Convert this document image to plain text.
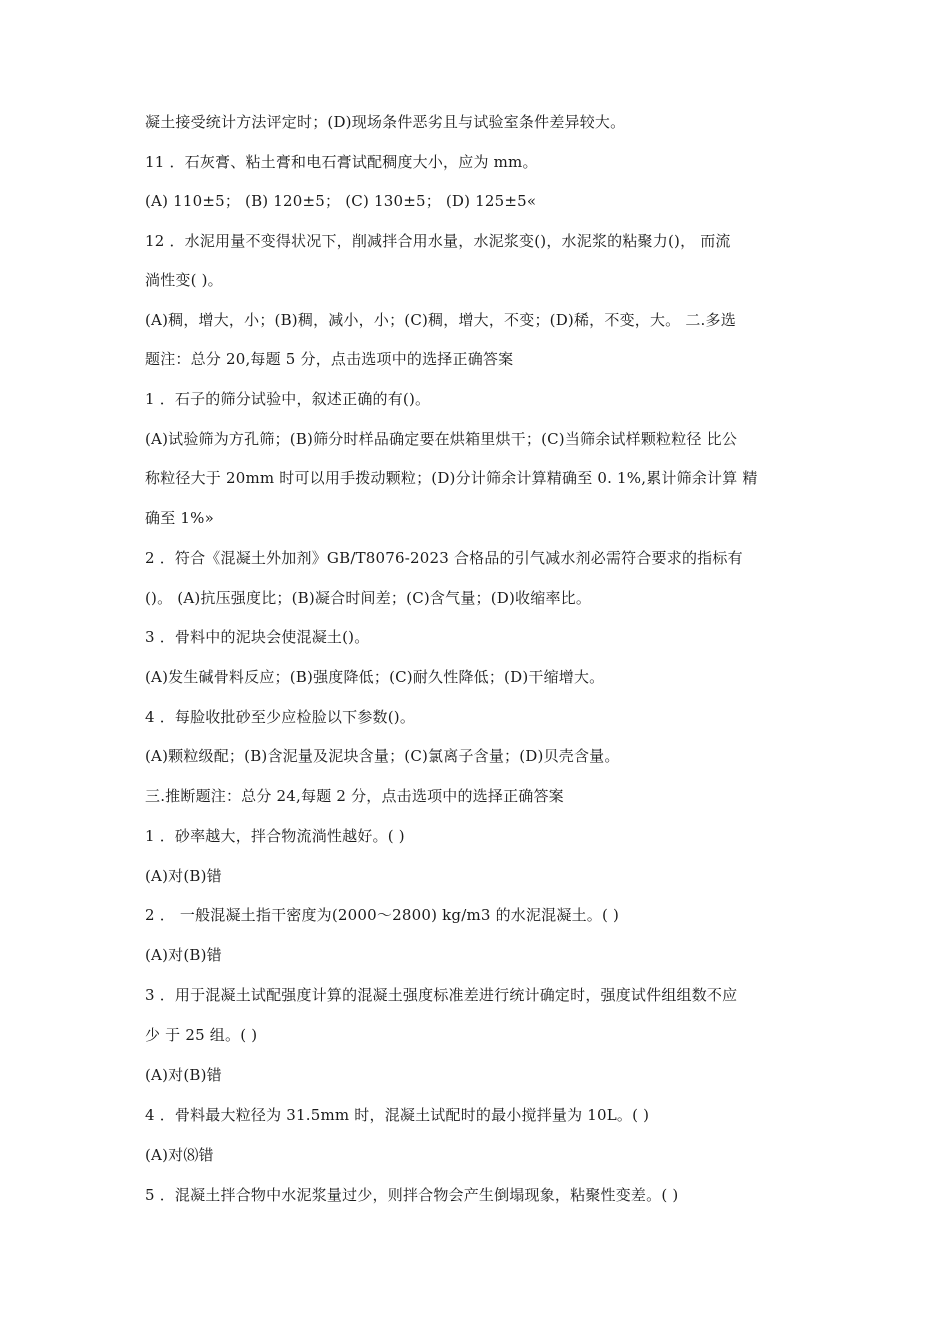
凝土接受统计方法评定时；(D)现场条件恶劣且与试验室条件差异较大。
11 ．石灰膏、粘土膏和电石膏试配稠度大小，应为 mm。
(A) 110±5； (B) 120±5； (C) 130±5； (D) 125±5«
12 ．水泥用量不变得状况下，削减拌合用水量，水泥浆变()，水泥浆的粘聚力()， 而流
淌性变( )。
(A)稠，增大，小；(B)稠，减小，小；(C)稠，增大，不变；(D)稀，不变，大。 二.多选
题注：总分 20,每题 5 分，点击选项中的选择正确答案
1 ．石子的筛分试验中，叙述正确的有()。
(A)试验筛为方孔筛；(B)筛分时样品确定要在烘箱里烘干；(C)当筛余试样颗粒粒径 比公
称粒径大于 20mm 时可以用手拨动颗粒；(D)分计筛余计算精确至 0. 1%,累计筛余计算 精
确至 1%»
2 ．符合《混凝土外加剂》GB/T8076-2023 合格品的引气减水剂必需符合要求的指标有
()。 (A)抗压强度比；(B)凝合时间差；(C)含气量；(D)收缩率比。
3 ．骨料中的泥块会使混凝土()。
(A)发生碱骨料反应；(B)强度降低；(C)耐久性降低；(D)干缩增大。
4 ．每脸收批砂至少应检脸以下参数()。
(A)颗粒级配；(B)含泥量及泥块含量；(C)氯离子含量；(D)贝壳含量。
三.推断题注：总分 24,每题 2 分，点击选项中的选择正确答案
1 ．砂率越大，拌合物流淌性越好。( )
(A)对(B)错
2 ． 一般混凝土指干密度为(2000〜2800) kg/m3 的水泥混凝土。( )
(A)对(B)错
3 ．用于混凝土试配强度计算的混凝土强度标准差进行统计确定时，强度试件组组数不应
少 于 25 组。( )
(A)对(B)错
4 ．骨料最大粒径为 31.5mm 时，混凝土试配时的最小搅拌量为 10L。( )
(A)对⑻错
5 ．混凝土拌合物中水泥浆量过少，则拌合物会产生倒塌现象，粘聚性变差。( )
